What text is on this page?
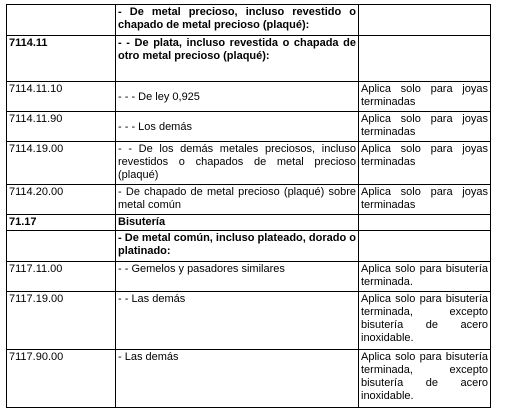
	- De metal precioso, incluso revestido o chapado de metal precioso (plaqué):	
7114.11	- - De plata, incluso revestida o chapada de otro metal precioso (plaqué):	
7114.11.10	- - - De ley 0,925	Aplica solo para joyas terminadas
7114.11.90	- - - Los demás	Aplica solo para joyas terminadas
7114.19.00	- - De los demás metales preciosos, incluso revestidos o chapados de metal precioso (plaqué)	Aplica solo para joyas terminadas
7114.20.00	- De chapado de metal precioso (plaqué) sobre metal común	Aplica solo para joyas terminadas
71.17	Bisutería	
	- De metal común, incluso plateado, dorado o platinado:	
7117.11.00	- - Gemelos y pasadores similares	Aplica solo para bisutería terminada.
7117.19.00	- - Las demás	Aplica solo para bisutería terminada, excepto bisutería de acero inoxidable.
7117.90.00	- Las demás	Aplica solo para bisutería terminada, excepto bisutería de acero inoxidable.
